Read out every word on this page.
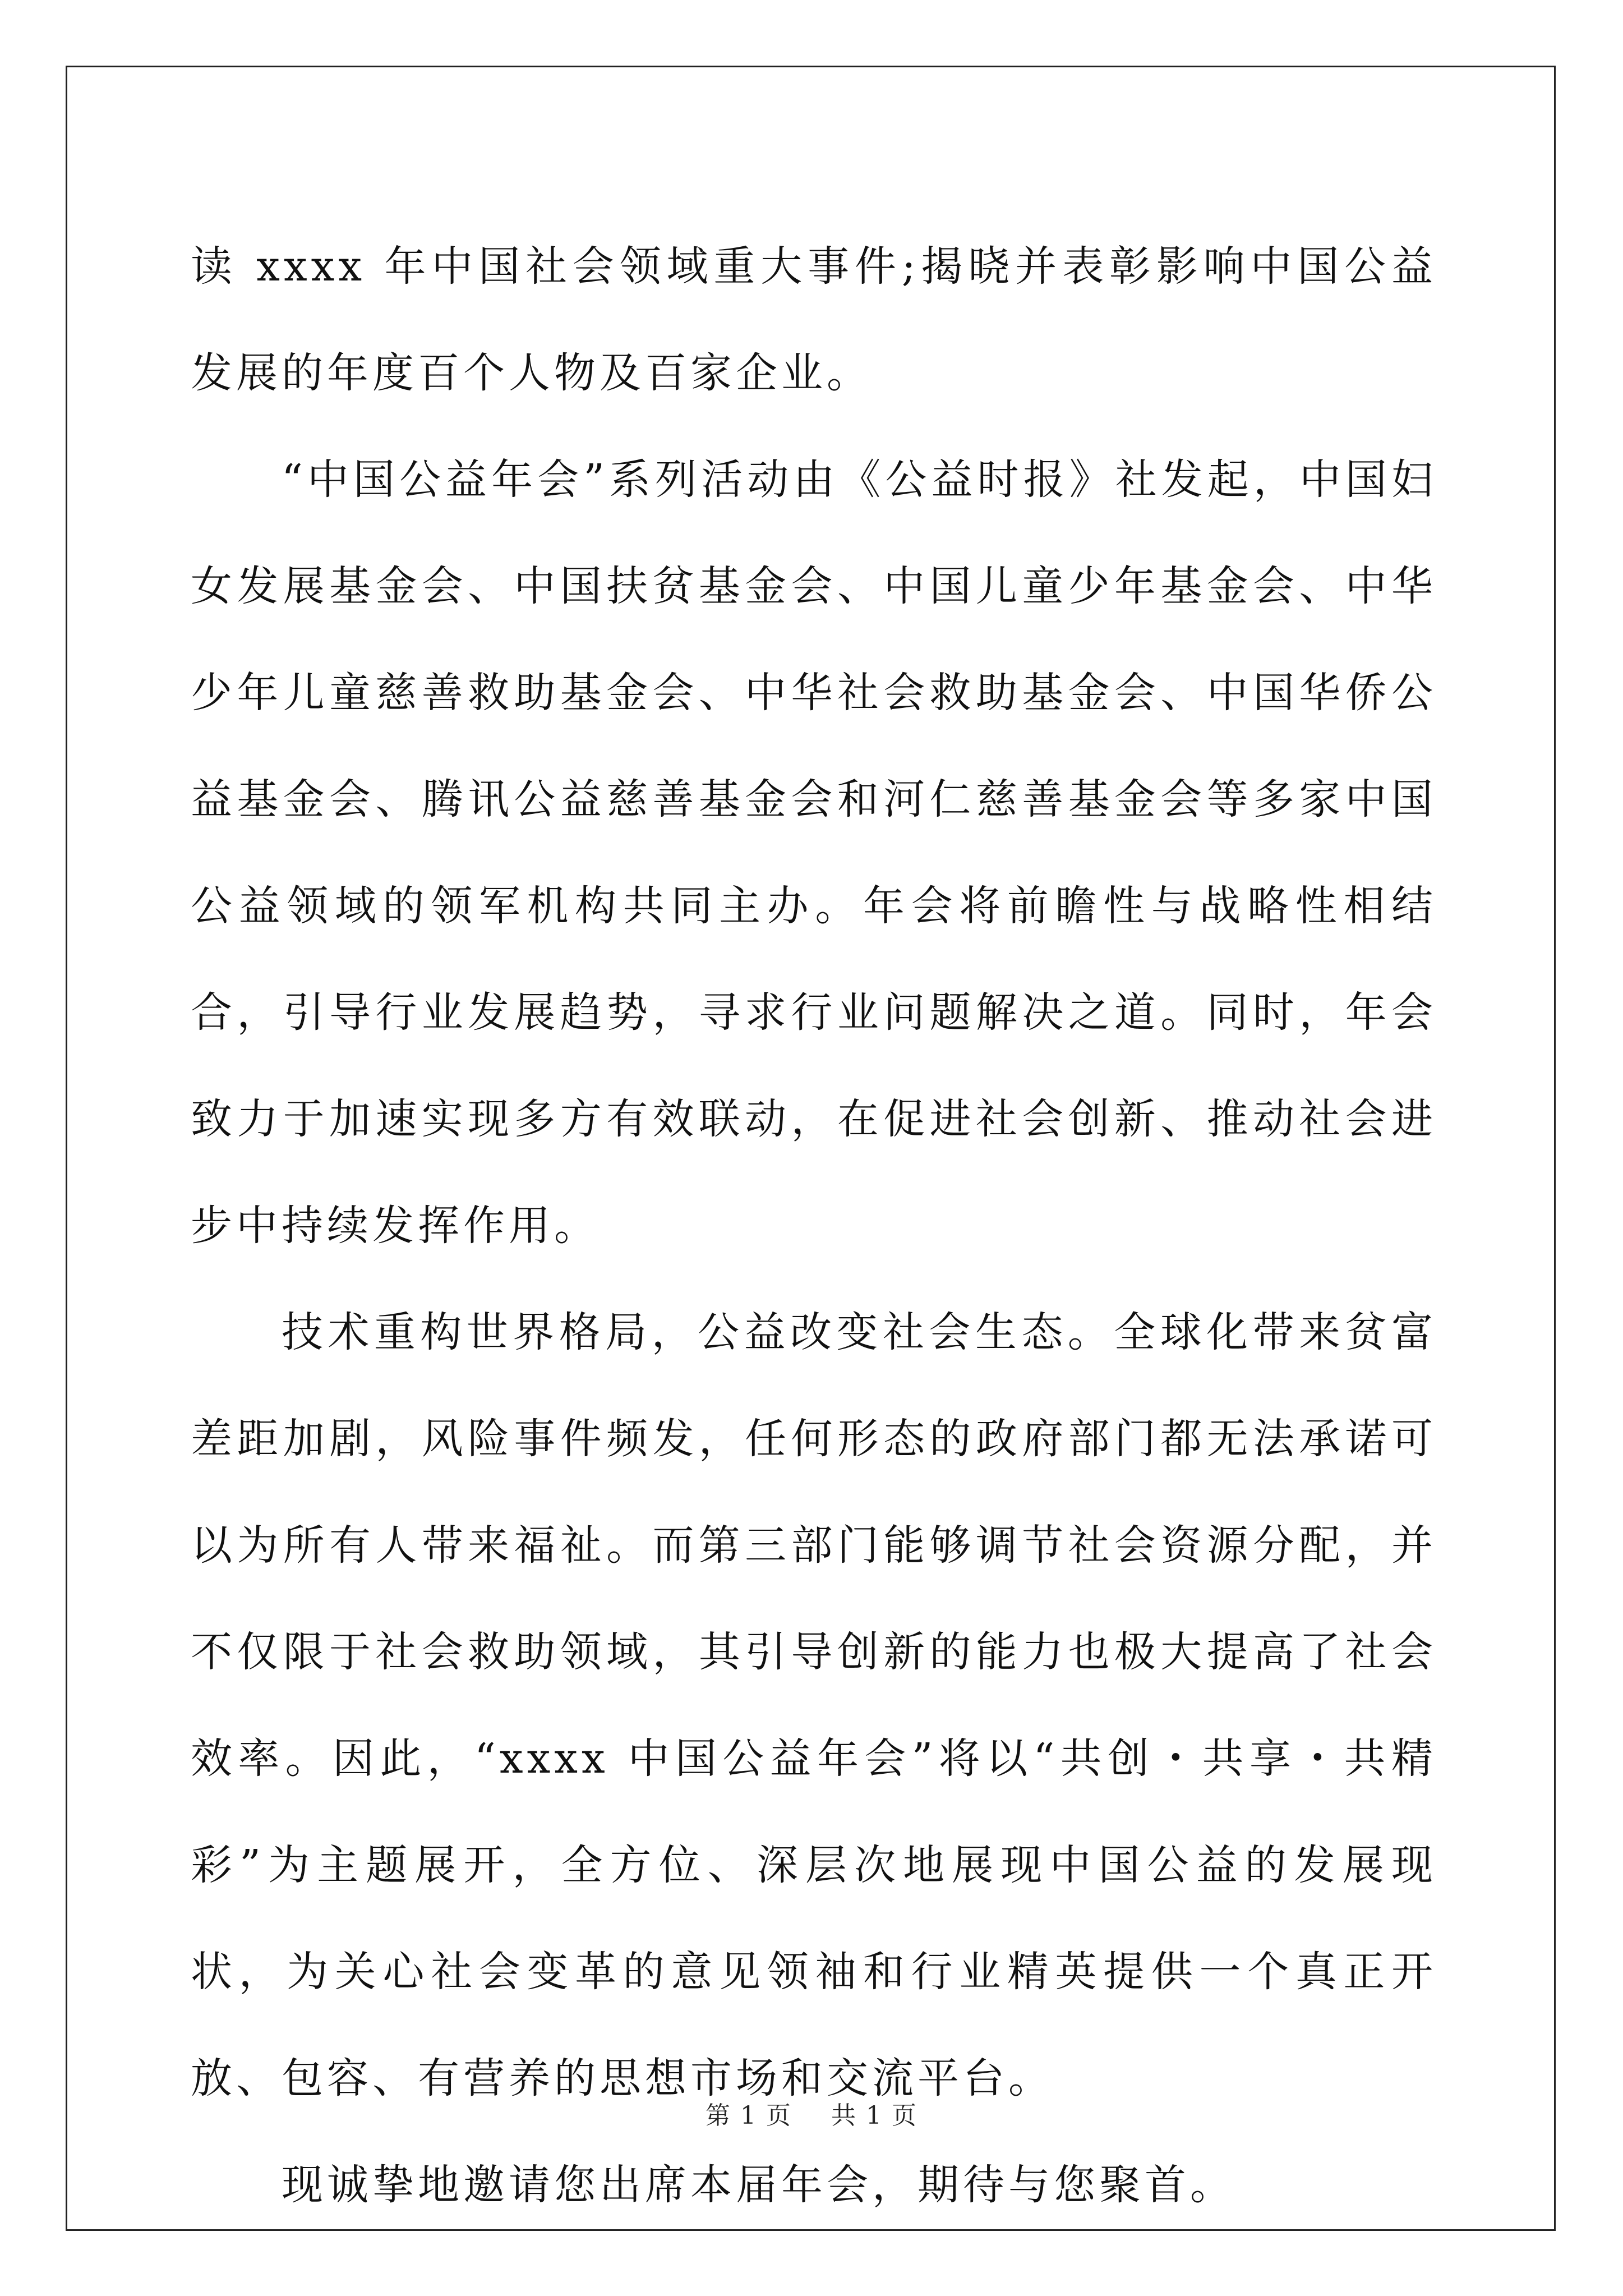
读 xxxx 年中国社会领域重大事件;揭晓并表彰影响中国公益发展的年度百个人物及百家企业。

“中国公益年会”系列活动由《公益时报》社发起，中国妇女发展基金会、中国扶贫基金会、中国儿童少年基金会、中华少年儿童慈善救助基金会、中华社会救助基金会、中国华侨公益基金会、腾讯公益慈善基金会和河仁慈善基金会等多家中国公益领域的领军机构共同主办。年会将前瞻性与战略性相结合，引导行业发展趋势，寻求行业问题解决之道。同时，年会致力于加速实现多方有效联动，在促进社会创新、推动社会进步中持续发挥作用。

技术重构世界格局，公益改变社会生态。全球化带来贫富差距加剧，风险事件频发，任何形态的政府部门都无法承诺可以为所有人带来福祉。而第三部门能够调节社会资源分配，并不仅限于社会救助领域，其引导创新的能力也极大提高了社会效率。因此，“xxxx 中国公益年会”将以“共创・共享・共精彩”为主题展开，全方位、深层次地展现中国公益的发展现状，为关心社会变革的意见领袖和行业精英提供一个真正开放、包容、有营养的思想市场和交流平台。

现诚挚地邀请您出席本届年会，期待与您聚首。

第 1 页 共 1 页
